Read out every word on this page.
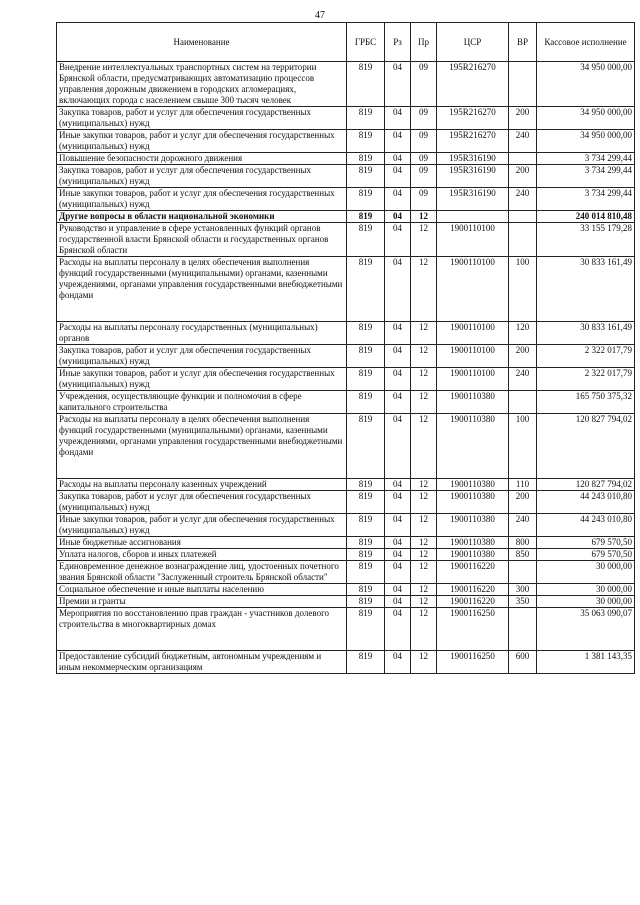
47
Наименование	ГРБС	Рз	Пр	ЦСР	ВР	Кассовое исполнение
Внедрение интеллектуальных транспортных систем на территории Брянской области, предусматривающих автоматизацию процессов управления дорожным движением в городских агломерациях, включающих города с населением свыше 300 тысяч человек	819	04	09	195R216270		34 950 000,00
Закупка товаров, работ и услуг для обеспечения государственных (муниципальных) нужд	819	04	09	195R216270	200	34 950 000,00
Иные закупки товаров, работ и услуг для обеспечения государственных (муниципальных) нужд	819	04	09	195R216270	240	34 950 000,00
Повышение безопасности дорожного движения	819	04	09	195R316190		3 734 299,44
Закупка товаров, работ и услуг для обеспечения государственных (муниципальных) нужд	819	04	09	195R316190	200	3 734 299,44
Иные закупки товаров, работ и услуг для обеспечения государственных (муниципальных) нужд	819	04	09	195R316190	240	3 734 299,44
Другие вопросы в области национальной экономики	819	04	12			240 014 810,48
Руководство и управление в сфере установленных функций органов государственной власти Брянской области и государственных органов Брянской области	819	04	12	1900110100		33 155 179,28
Расходы на выплаты персоналу в целях обеспечения выполнения функций государственными (муниципальными) органами, казенными учреждениями, органами управления государственными внебюджетными фондами	819	04	12	1900110100	100	30 833 161,49
Расходы на выплаты персоналу государственных (муниципальных) органов	819	04	12	1900110100	120	30 833 161,49
Закупка товаров, работ и услуг для обеспечения государственных (муниципальных) нужд	819	04	12	1900110100	200	2 322 017,79
Иные закупки товаров, работ и услуг для обеспечения государственных (муниципальных) нужд	819	04	12	1900110100	240	2 322 017,79
Учреждения, осуществляющие функции и полномочия в сфере капитального строительства	819	04	12	1900110380		165 750 375,32
Расходы на выплаты персоналу в целях обеспечения выполнения функций государственными (муниципальными) органами, казенными учреждениями, органами управления государственными внебюджетными фондами	819	04	12	1900110380	100	120 827 794,02
Расходы на выплаты персоналу казенных учреждений	819	04	12	1900110380	110	120 827 794,02
Закупка товаров, работ и услуг для обеспечения государственных (муниципальных) нужд	819	04	12	1900110380	200	44 243 010,80
Иные закупки товаров, работ и услуг для обеспечения государственных (муниципальных) нужд	819	04	12	1900110380	240	44 243 010,80
Иные бюджетные ассигнования	819	04	12	1900110380	800	679 570,50
Уплата налогов, сборов и иных платежей	819	04	12	1900110380	850	679 570,50
Единовременное денежное вознаграждение лиц, удостоенных почетного звания Брянской области "Заслуженный строитель Брянской области"	819	04	12	1900116220		30 000,00
Социальное обеспечение и иные выплаты населению	819	04	12	1900116220	300	30 000,00
Премии и гранты	819	04	12	1900116220	350	30 000,00
Мероприятия по восстановлению прав граждан - участников долевого строительства в многоквартирных домах	819	04	12	1900116250		35 063 090,07
Предоставление субсидий бюджетным, автономным учреждениям и иным некоммерческим организациям	819	04	12	1900116250	600	1 381 143,35
